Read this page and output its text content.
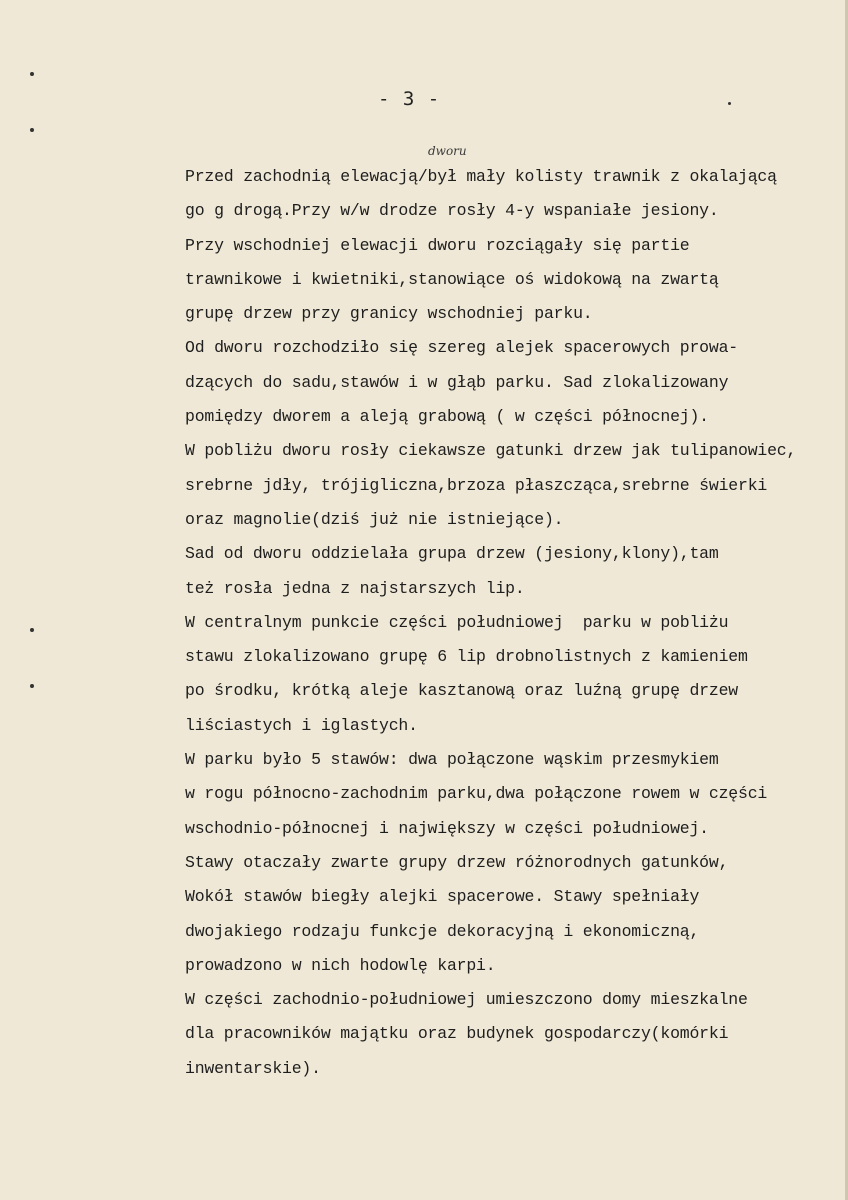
- 3 -
dworu
Przed zachodnią elewacją/był mały kolisty trawnik z okalającą
go g drogą.Przy w/w drodze rosły 4-y wspaniałe jesiony.
Przy wschodniej elewacji dworu rozciągały się partie
trawnikowe i kwietniki,stanowiące oś widokową na zwartą
grupę drzew przy granicy wschodniej parku.
Od dworu rozchodziło się szereg alejek spacerowych prowa-
dzących do sadu,stawów i w głąb parku. Sad zlokalizowany
pomiędzy dworem a aleją grabową ( w części północnej).
W pobliżu dworu rosły ciekawsze gatunki drzew jak tulipanowiec,
srebrne jdły, trójigliczna,brzoza płaszcząca,srebrne świerki
oraz magnolie(dziś już nie istniejące).
Sad od dworu oddzielała grupa drzew (jesiony,klony),tam
też rosła jedna z najstarszych lip.
W centralnym punkcie części południowej  parku w pobliżu
stawu zlokalizowano grupę 6 lip drobnolistnych z kamieniem
po środku, krótką aleje kasztanową oraz luźną grupę drzew
liściastych i iglastych.
W parku było 5 stawów: dwa połączone wąskim przesmykiem
w rogu północno-zachodnim parku,dwa połączone rowem w części
wschodnio-północnej i największy w części południowej.
Stawy otaczały zwarte grupy drzew różnorodnych gatunków,
Wokół stawów biegły alejki spacerowe. Stawy spełniały
dwojakiego rodzaju funkcje dekoracyjną i ekonomiczną,
prowadzono w nich hodowlę karpi.
W części zachodnio-południowej umieszczono domy mieszkalne
dla pracowników majątku oraz budynek gospodarczy(komórki
inwentarskie).
